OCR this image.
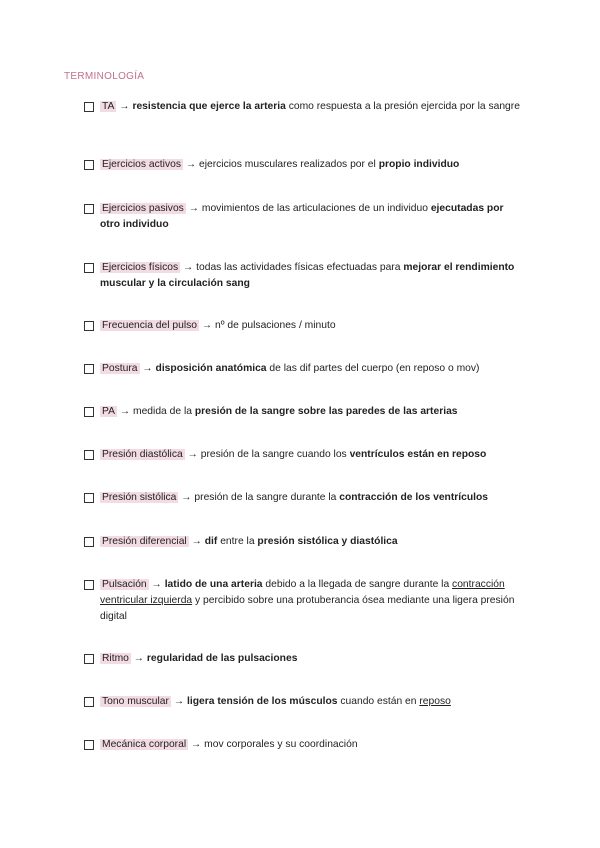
TERMINOLOGÍA
TA → resistencia que ejerce la arteria como respuesta a la presión ejercida por la sangre
Ejercicios activos → ejercicios musculares realizados por el propio individuo
Ejercicios pasivos → movimientos de las articulaciones de un individuo ejecutadas por otro individuo
Ejercicios físicos → todas las actividades físicas efectuadas para mejorar el rendimiento muscular y la circulación sang
Frecuencia del pulso → nº de pulsaciones / minuto
Postura → disposición anatómica de las dif partes del cuerpo (en reposo o mov)
PA → medida de la presión de la sangre sobre las paredes de las arterias
Presión diastólica → presión de la sangre cuando los ventrículos están en reposo
Presión sistólica → presión de la sangre durante la contracción de los ventrículos
Presión diferencial → dif entre la presión sistólica y diastólica
Pulsación → latido de una arteria debido a la llegada de sangre durante la contracción ventricular izquierda y percibido sobre una protuberancia ósea mediante una ligera presión digital
Ritmo → regularidad de las pulsaciones
Tono muscular → ligera tensión de los músculos cuando están en reposo
Mecánica corporal → mov corporales y su coordinación
